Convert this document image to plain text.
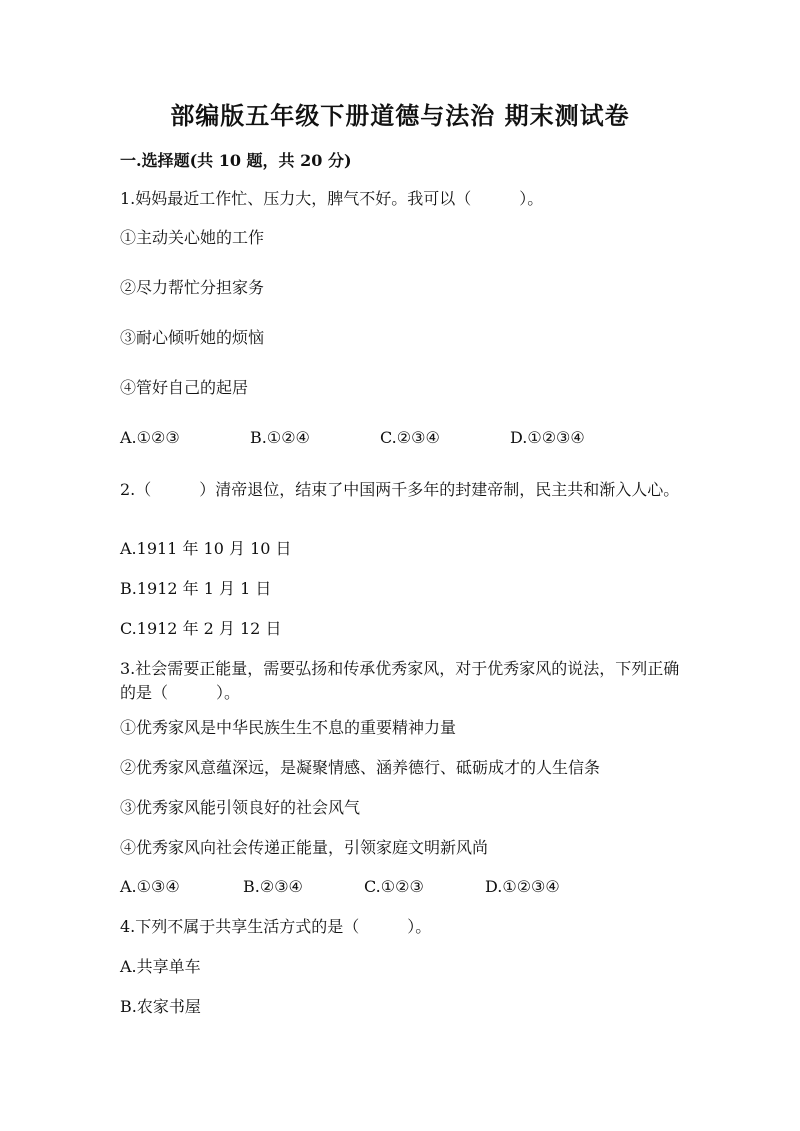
部编版五年级下册道德与法治 期末测试卷
一.选择题(共 10 题，共 20 分)
1.妈妈最近工作忙、压力大，脾气不好。我可以（　　　）。
①主动关心她的工作
②尽力帮忙分担家务
③耐心倾听她的烦恼
④管好自己的起居
A.①②③	B.①②④	C.②③④	D.①②③④
2.（　　　）清帝退位，结束了中国两千多年的封建帝制，民主共和渐入人心。
A.1911 年 10 月 10 日
B.1912 年 1 月 1 日
C.1912 年 2 月 12 日
3.社会需要正能量，需要弘扬和传承优秀家风，对于优秀家风的说法，下列正确的是（　　　）。
①优秀家风是中华民族生生不息的重要精神力量
②优秀家风意蕴深远，是凝聚情感、涵养德行、砥砺成才的人生信条
③优秀家风能引领良好的社会风气
④优秀家风向社会传递正能量，引领家庭文明新风尚
A.①③④	B.②③④	C.①②③	D.①②③④
4.下列不属于共享生活方式的是（　　　）。
A.共享单车
B.农家书屋
